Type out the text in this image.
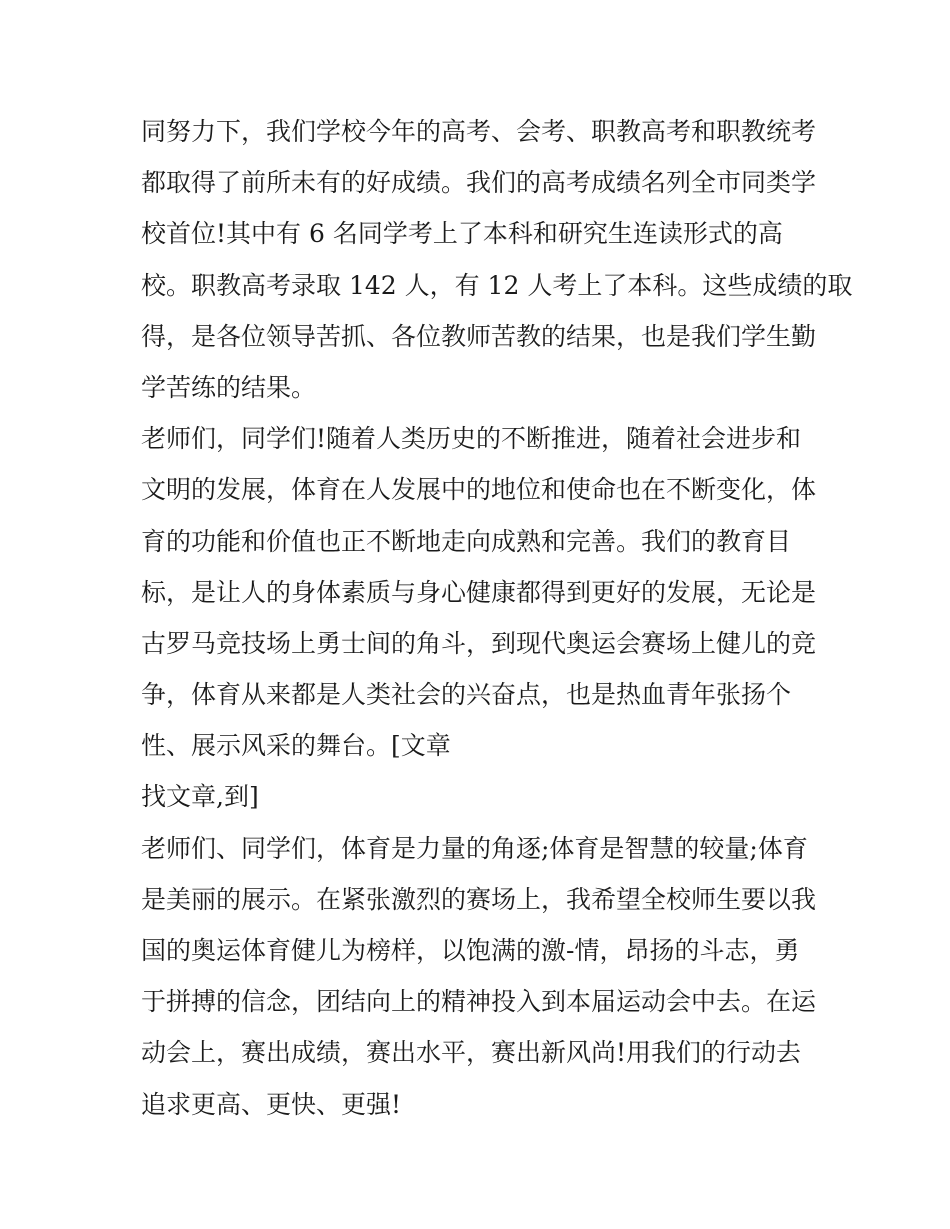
同努力下，我们学校今年的高考、会考、职教高考和职教统考
都取得了前所未有的好成绩。我们的高考成绩名列全市同类学
校首位!其中有 6 名同学考上了本科和研究生连读形式的高
校。职教高考录取 142 人，有 12 人考上了本科。这些成绩的取
得，是各位领导苦抓、各位教师苦教的结果，也是我们学生勤
学苦练的结果。
老师们，同学们!随着人类历史的不断推进，随着社会进步和
文明的发展，体育在人发展中的地位和使命也在不断变化，体
育的功能和价值也正不断地走向成熟和完善。我们的教育目
标，是让人的身体素质与身心健康都得到更好的发展，无论是
古罗马竞技场上勇士间的角斗，到现代奥运会赛场上健儿的竞
争，体育从来都是人类社会的兴奋点，也是热血青年张扬个
性、展示风采的舞台。[文章
找文章,到]
老师们、同学们，体育是力量的角逐;体育是智慧的较量;体育
是美丽的展示。在紧张激烈的赛场上，我希望全校师生要以我
国的奥运体育健儿为榜样，以饱满的激-情，昂扬的斗志，勇
于拼搏的信念，团结向上的精神投入到本届运动会中去。在运
动会上，赛出成绩，赛出水平，赛出新风尚!用我们的行动去
追求更高、更快、更强!
